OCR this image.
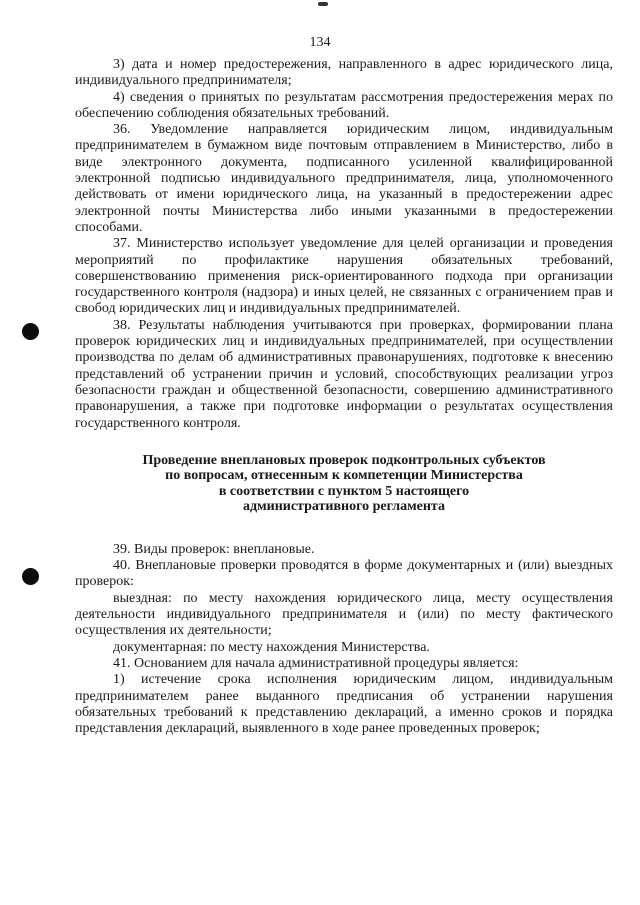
134

3) дата и номер предостережения, направленного в адрес юридического лица, индивидуального предпринимателя;

4) сведения о принятых по результатам рассмотрения предостережения мерах по обеспечению соблюдения обязательных требований.

36. Уведомление направляется юридическим лицом, индивидуальным предпринимателем в бумажном виде почтовым отправлением в Министерство, либо в виде электронного документа, подписанного усиленной квалифицированной электронной подписью индивидуального предпринимателя, лица, уполномоченного действовать от имени юридического лица, на указанный в предостережении адрес электронной почты Министерства либо иными указанными в предостережении способами.

37. Министерство использует уведомление для целей организации и проведения мероприятий по профилактике нарушения обязательных требований, совершенствованию применения риск-ориентированного подхода при организации государственного контроля (надзора) и иных целей, не связанных с ограничением прав и свобод юридических лиц и индивидуальных предпринимателей.

38. Результаты наблюдения учитываются при проверках, формировании плана проверок юридических лиц и индивидуальных предпринимателей, при осуществлении производства по делам об административных правонарушениях, подготовке к внесению представлений об устранении причин и условий, способствующих реализации угроз безопасности граждан и общественной безопасности, совершению административного правонарушения, а также при подготовке информации о результатах осуществления государственного контроля.

Проведение внеплановых проверок подконтрольных субъектов

по вопросам, отнесенным к компетенции Министерства

в соответствии с пунктом 5 настоящего

административного регламента

39. Виды проверок: внеплановые.

40. Внеплановые проверки проводятся в форме документарных и (или) выездных проверок:

выездная: по месту нахождения юридического лица, месту осуществления деятельности индивидуального предпринимателя и (или) по месту фактического осуществления их деятельности;

документарная: по месту нахождения Министерства.

41. Основанием для начала административной процедуры является:

1) истечение срока исполнения юридическим лицом, индивидуальным предпринимателем ранее выданного предписания об устранении нарушения обязательных требований к представлению деклараций, а именно сроков и порядка представления деклараций, выявленного в ходе ранее проведенных проверок;
